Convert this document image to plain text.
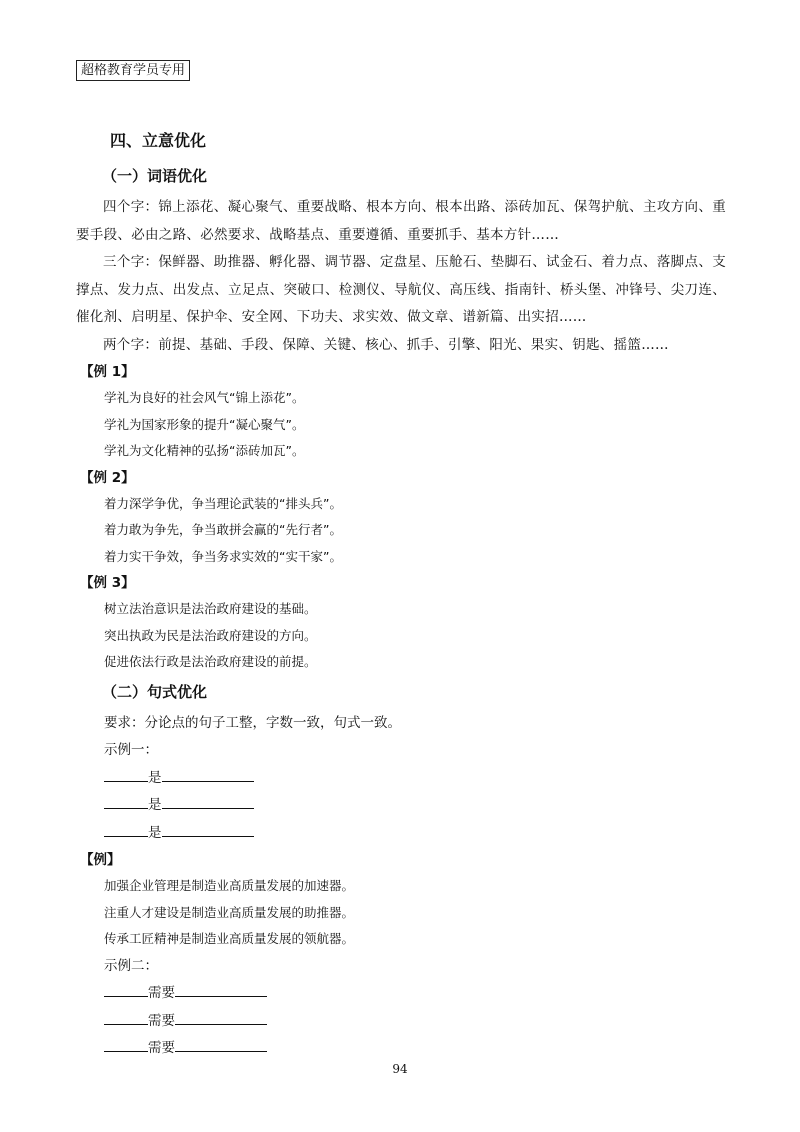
超格教育学员专用
四、立意优化
（一）词语优化

四个字：锦上添花、凝心聚气、重要战略、根本方向、根本出路、添砖加瓦、保驾护航、主攻方向、重要手段、必由之路、必然要求、战略基点、重要遵循、重要抓手、基本方针……

三个字：保鲜器、助推器、孵化器、调节器、定盘星、压舱石、垫脚石、试金石、着力点、落脚点、支撑点、发力点、出发点、立足点、突破口、检测仪、导航仪、高压线、指南针、桥头堡、冲锋号、尖刀连、催化剂、启明星、保护伞、安全网、下功夫、求实效、做文章、谱新篇、出实招……

两个字：前提、基础、手段、保障、关键、核心、抓手、引擎、阳光、果实、钥匙、摇篮……

【例 1】
学礼为良好的社会风气“锦上添花”。
学礼为国家形象的提升“凝心聚气”。
学礼为文化精神的弘扬“添砖加瓦”。
【例 2】
着力深学争优，争当理论武装的“排头兵”。
着力敢为争先，争当敢拼会赢的“先行者”。
着力实干争效，争当务求实效的“实干家”。
【例 3】
树立法治意识是法治政府建设的基础。
突出执政为民是法治政府建设的方向。
促进依法行政是法治政府建设的前提。
（二）句式优化
要求：分论点的句子工整，字数一致，句式一致。
示例一：
是
是
是
【例】
加强企业管理是制造业高质量发展的加速器。
注重人才建设是制造业高质量发展的助推器。
传承工匠精神是制造业高质量发展的领航器。
示例二：
需要
需要
需要
94
